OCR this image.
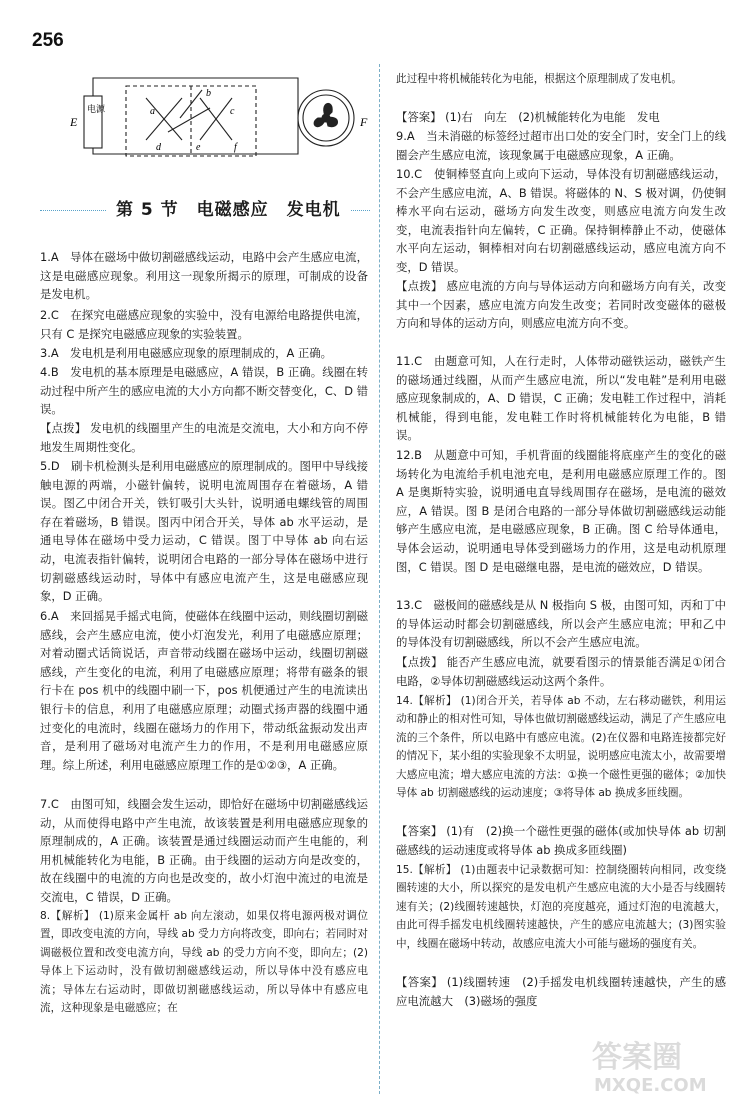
256
电源
E	F
a
b
c
d	e	f
第 5 节　电磁感应　发电机
1.A　导体在磁场中做切割磁感线运动，电路中会产生感应电流，这是电磁感应现象。利用这一现象所揭示的原理，可制成的设备是发电机。
2.C　在探究电磁感应现象的实验中，没有电源给电路提供电流，只有 C 是探究电磁感应现象的实验装置。
3.A　发电机是利用电磁感应现象的原理制成的，A 正确。
4.B　发电机的基本原理是电磁感应，A 错误，B 正确。线圈在转动过程中所产生的感应电流的大小方向都不断交替变化，C、D 错误。
【点拨】 发电机的线圈里产生的电流是交流电，大小和方向不停地发生周期性变化。
5.D　刷卡机检测头是利用电磁感应的原理制成的。图甲中导线接触电源的两端，小磁针偏转，说明电流周围存在着磁场，A 错误。图乙中闭合开关，铁钉吸引大头针，说明通电螺线管的周围存在着磁场，B 错误。图丙中闭合开关，导体 ab 水平运动，是通电导体在磁场中受力运动，C 错误。图丁中导体 ab 向右运动，电流表指针偏转，说明闭合电路的一部分导体在磁场中进行切割磁感线运动时，导体中有感应电流产生，这是电磁感应现象，D 正确。
6.A　来回摇晃手摇式电筒，使磁体在线圈中运动，则线圈切割磁感线，会产生感应电流，使小灯泡发光，利用了电磁感应原理；对着动圈式话筒说话，声音带动线圈在磁场中运动，线圈切割磁感线，产生变化的电流，利用了电磁感应原理；将带有磁条的银行卡在 pos 机中的线圈中刷一下，pos 机便通过产生的电流读出银行卡的信息，利用了电磁感应原理；动圈式扬声器的线圈中通过变化的电流时，线圈在磁场力的作用下，带动纸盆振动发出声音，是利用了磁场对电流产生力的作用，不是利用电磁感应原理。综上所述，利用电磁感应原理工作的是①②③，A 正确。
7.C　由图可知，线圈会发生运动，即恰好在磁场中切割磁感线运动，从而使得电路中产生电流，故该装置是利用电磁感应现象的原理制成的，A 正确。该装置是通过线圈运动而产生电能的，利用机械能转化为电能，B 正确。由于线圈的运动方向是改变的，故在线圈中的电流的方向也是改变的，故小灯泡中流过的电流是交流电，C 错误，D 正确。
8.【解析】 (1)原来金属杆 ab 向左滚动，如果仅将电源两极对调位置，即改变电流的方向，导线 ab 受力方向将改变，即向右；若同时对调磁极位置和改变电流方向，导线 ab 的受力方向不变，即向左；(2)导体上下运动时，没有做切割磁感线运动，所以导体中没有感应电流；导体左右运动时，即做切割磁感线运动，所以导体中有感应电流，这种现象是电磁感应；在
此过程中将机械能转化为电能，根据这个原理制成了发电机。
【答案】 (1)右　向左　(2)机械能转化为电能　发电
9.A　当未消磁的标签经过超市出口处的安全门时，安全门上的线圈会产生感应电流，该现象属于电磁感应现象，A 正确。
10.C　使铜棒竖直向上或向下运动，导体没有切割磁感线运动，不会产生感应电流，A、B 错误。将磁体的 N、S 极对调，仍使铜棒水平向右运动，磁场方向发生改变，则感应电流方向发生改变，电流表指针向左偏转，C 正确。保持铜棒静止不动，使磁体水平向左运动，铜棒相对向右切割磁感线运动，感应电流方向不变，D 错误。
【点拨】 感应电流的方向与导体运动方向和磁场方向有关，改变其中一个因素，感应电流方向发生改变；若同时改变磁体的磁极方向和导体的运动方向，则感应电流方向不变。
11.C　由题意可知，人在行走时，人体带动磁铁运动，磁铁产生的磁场通过线圈，从而产生感应电流，所以“发电鞋”是利用电磁感应现象制成的，A、D 错误，C 正确；发电鞋工作过程中，消耗机械能，得到电能，发电鞋工作时将机械能转化为电能，B 错误。
12.B　从题意中可知，手机背面的线圈能将底座产生的变化的磁场转化为电流给手机电池充电，是利用电磁感应原理工作的。图 A 是奥斯特实验，说明通电直导线周围存在磁场，是电流的磁效应，A 错误。图 B 是闭合电路的一部分导体做切割磁感线运动能够产生感应电流，是电磁感应现象，B 正确。图 C 给导体通电，导体会运动，说明通电导体受到磁场力的作用，这是电动机原理图，C 错误。图 D 是电磁继电器，是电流的磁效应，D 错误。
13.C　磁极间的磁感线是从 N 极指向 S 极，由图可知，丙和丁中的导体运动时都会切割磁感线，所以会产生感应电流；甲和乙中的导体没有切割磁感线，所以不会产生感应电流。
【点拨】 能否产生感应电流，就要看图示的情景能否满足①闭合电路，②导体切割磁感线运动这两个条件。
14.【解析】 (1)闭合开关，若导体 ab 不动，左右移动磁铁，利用运动和静止的相对性可知，导体也做切割磁感线运动，满足了产生感应电流的三个条件，所以电路中有感应电流。(2)在仪器和电路连接都完好的情况下，某小组的实验现象不太明显，说明感应电流太小，故需要增大感应电流；增大感应电流的方法：①换一个磁性更强的磁体；②加快导体 ab 切割磁感线的运动速度；③将导体 ab 换成多匝线圈。
【答案】 (1)有　(2)换一个磁性更强的磁体(或加快导体 ab 切割磁感线的运动速度或将导体 ab 换成多匝线圈)
15.【解析】 (1)由题表中记录数据可知：控制绕圈转向相同，改变绕圈转速的大小，所以探究的是发电机产生感应电流的大小是否与线圈转速有关；(2)线圈转速越快，灯泡的亮度越亮，通过灯泡的电流越大，由此可得手摇发电机线圈转速越快，产生的感应电流越大；(3)图实验中，线圈在磁场中转动，故感应电流大小可能与磁场的强度有关。
【答案】 (1)线圈转速　(2)手摇发电机线圈转速越快，产生的感应电流越大　(3)磁场的强度
答案圈
MXQE.COM
